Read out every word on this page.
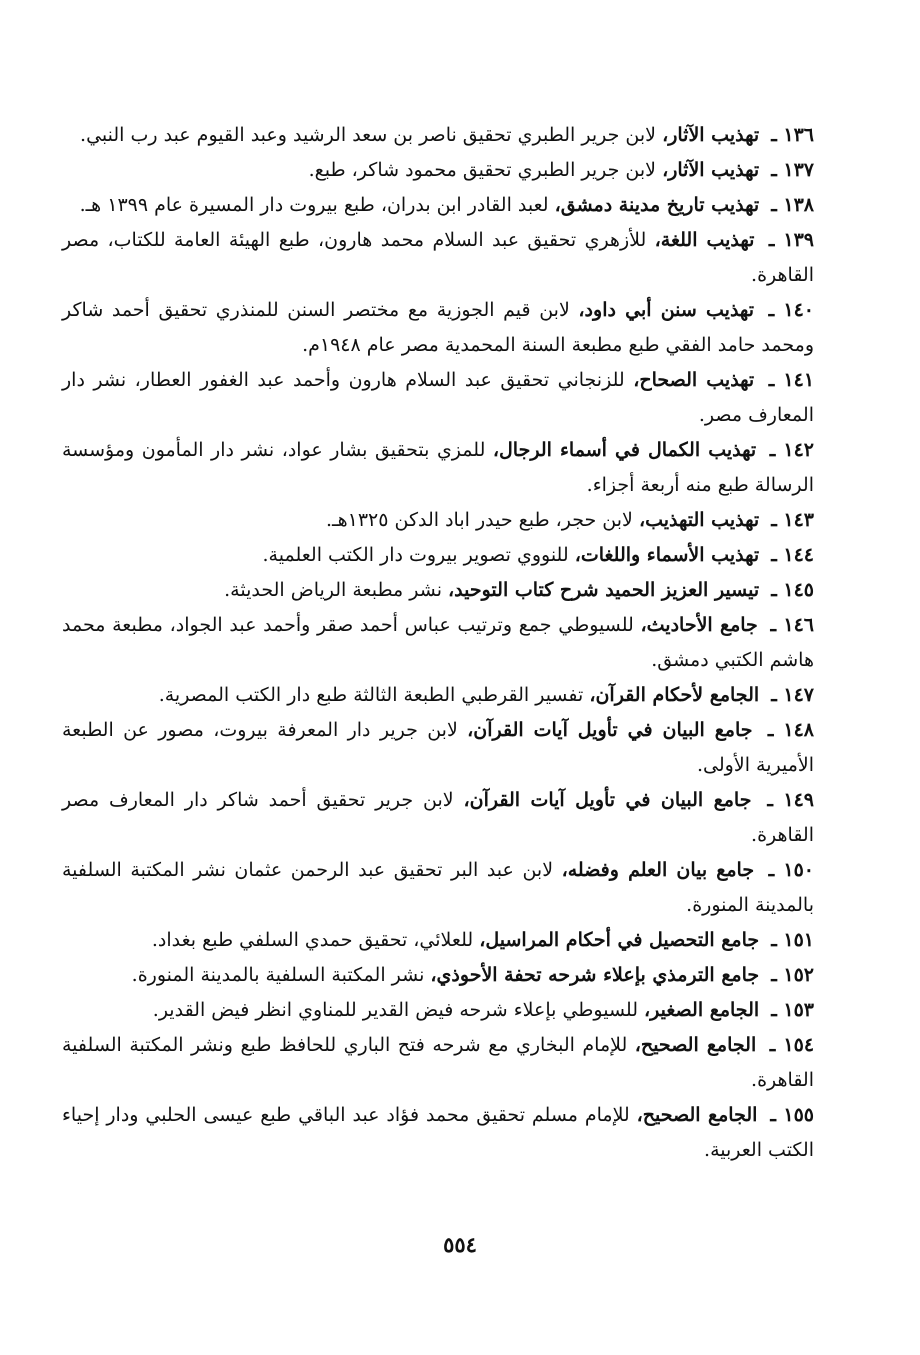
١٣٦ ـ تهذيب الآثار، لابن جرير الطبري تحقيق ناصر بن سعد الرشيد وعبد القيوم عبد رب النبي.

١٣٧ ـ تهذيب الآثار، لابن جرير الطبري تحقيق محمود شاكر، طبع.

١٣٨ ـ تهذيب تاريخ مدينة دمشق، لعبد القادر ابن بدران، طبع بيروت دار المسيرة عام ١٣٩٩ هـ.

١٣٩ ـ تهذيب اللغة، للأزهري تحقيق عبد السلام محمد هارون، طبع الهيئة العامة للكتاب، مصر القاهرة.

١٤٠ ـ تهذيب سنن أبي داود، لابن قيم الجوزية مع مختصر السنن للمنذري تحقيق أحمد شاكر ومحمد حامد الفقي طبع مطبعة السنة المحمدية مصر عام ١٩٤٨م.

١٤١ ـ تهذيب الصحاح، للزنجاني تحقيق عبد السلام هارون وأحمد عبد الغفور العطار، نشر دار المعارف مصر.

١٤٢ ـ تهذيب الكمال في أسماء الرجال، للمزي بتحقيق بشار عواد، نشر دار المأمون ومؤسسة الرسالة طبع منه أربعة أجزاء.

١٤٣ ـ تهذيب التهذيب، لابن حجر، طبع حيدر اباد الدكن ١٣٢٥هـ.

١٤٤ ـ تهذيب الأسماء واللغات، للنووي تصوير بيروت دار الكتب العلمية.

١٤٥ ـ تيسير العزيز الحميد شرح كتاب التوحيد، نشر مطبعة الرياض الحديثة.

١٤٦ ـ جامع الأحاديث، للسيوطي جمع وترتيب عباس أحمد صقر وأحمد عبد الجواد، مطبعة محمد هاشم الكتبي دمشق.

١٤٧ ـ الجامع لأحكام القرآن، تفسير القرطبي الطبعة الثالثة طبع دار الكتب المصرية.

١٤٨ ـ جامع البيان في تأويل آيات القرآن، لابن جرير دار المعرفة بيروت، مصور عن الطبعة الأميرية الأولى.

١٤٩ ـ جامع البيان في تأويل آيات القرآن، لابن جرير تحقيق أحمد شاكر دار المعارف مصر القاهرة.

١٥٠ ـ جامع بيان العلم وفضله، لابن عبد البر تحقيق عبد الرحمن عثمان نشر المكتبة السلفية بالمدينة المنورة.

١٥١ ـ جامع التحصيل في أحكام المراسيل، للعلائي، تحقيق حمدي السلفي طبع بغداد.

١٥٢ ـ جامع الترمذي بإعلاء شرحه تحفة الأحوذي، نشر المكتبة السلفية بالمدينة المنورة.

١٥٣ ـ الجامع الصغير، للسيوطي بإعلاء شرحه فيض القدير للمناوي انظر فيض القدير.

١٥٤ ـ الجامع الصحيح، للإمام البخاري مع شرحه فتح الباري للحافظ طبع ونشر المكتبة السلفية القاهرة.

١٥٥ ـ الجامع الصحيح، للإمام مسلم تحقيق محمد فؤاد عبد الباقي طبع عيسى الحلبي ودار إحياء الكتب العربية.

٥٥٤
